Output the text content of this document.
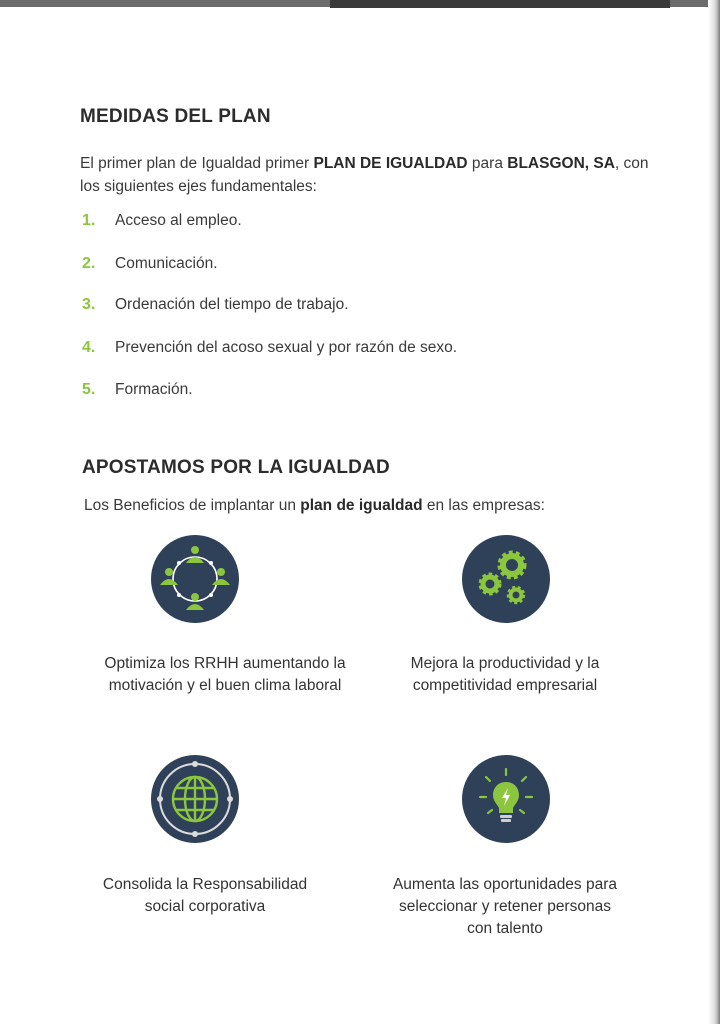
MEDIDAS DEL PLAN

El primer plan de Igualdad primer PLAN DE IGUALDAD para BLASGON, SA, con los siguientes ejes fundamentales:

1. Acceso al empleo.
2. Comunicación.
3. Ordenación del tiempo de trabajo.
4. Prevención del acoso sexual y por razón de sexo.
5. Formación.
APOSTAMOS POR LA IGUALDAD

Los Beneficios de implantar un plan de igualdad en las empresas:

Optimiza los RRHH aumentando la
motivación y el buen clima laboral
Mejora la productividad y la
competitividad empresarial
Consolida la Responsabilidad
social corporativa
Aumenta las oportunidades para
seleccionar y retener personas
con talento
